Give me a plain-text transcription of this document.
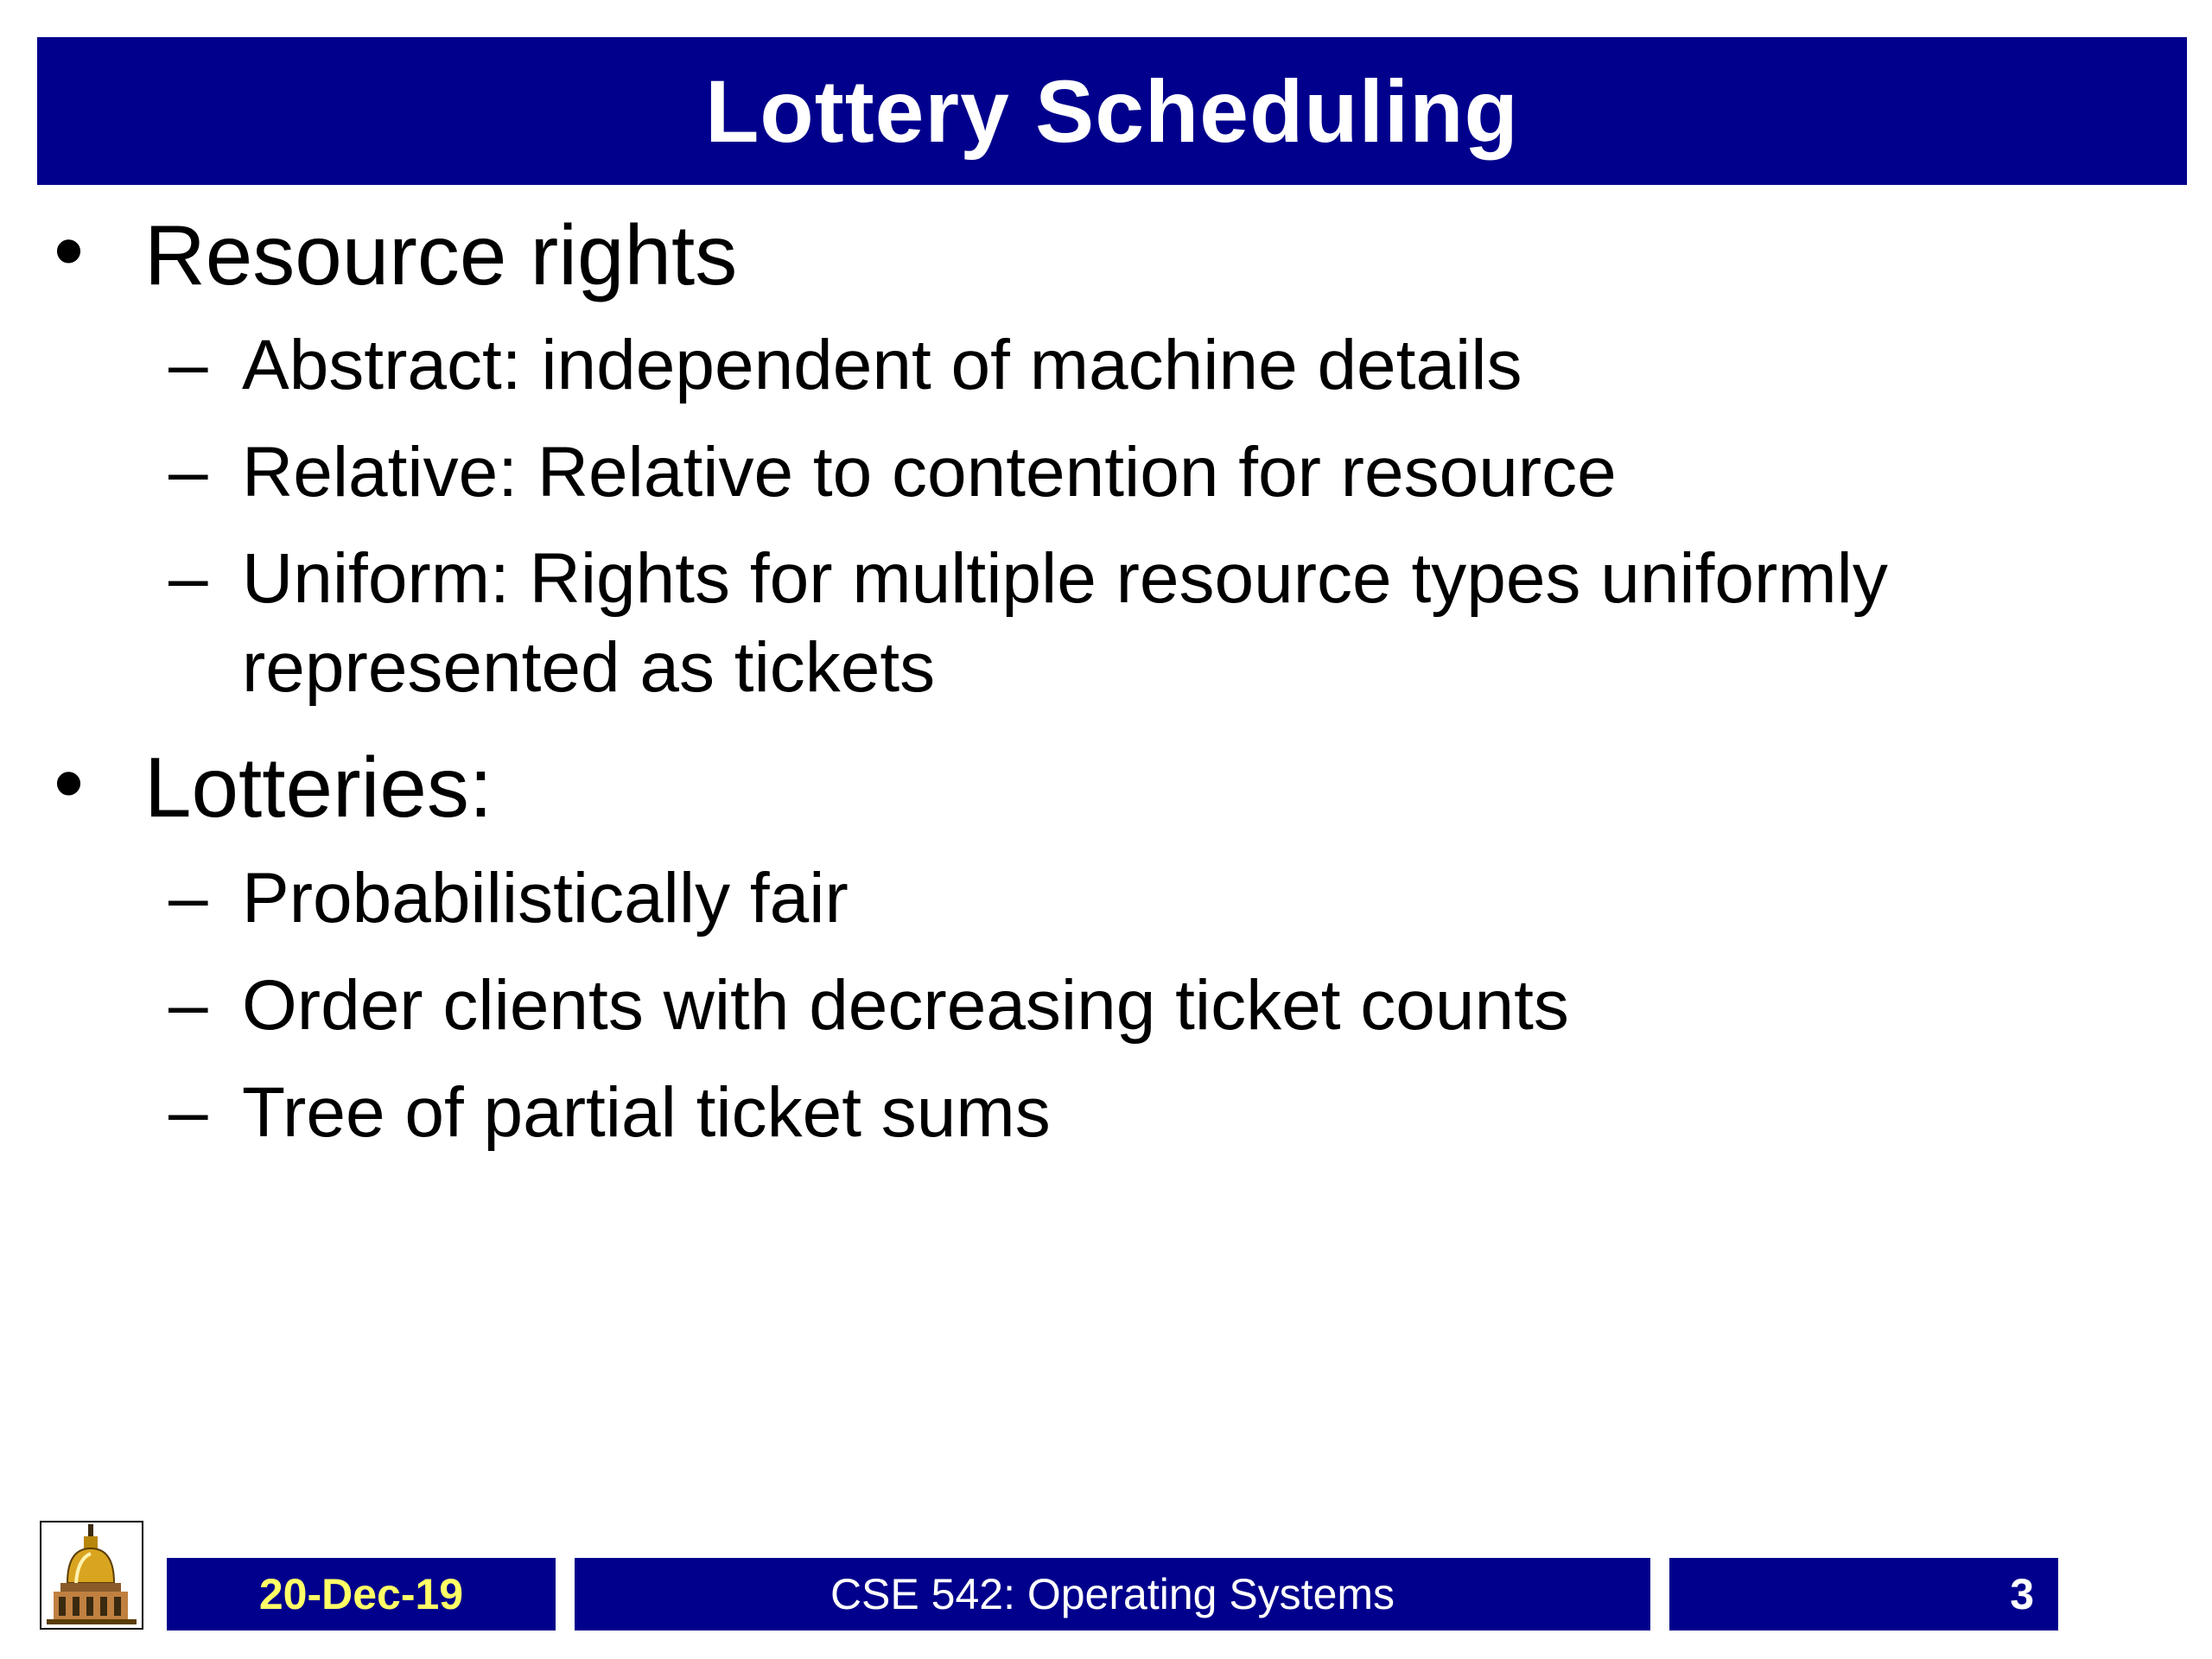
Lottery Scheduling
• Resource rights
– Abstract: independent of machine details
– Relative: Relative to contention for resource
– Uniform: Rights for multiple resource types uniformly represented as tickets
• Lotteries:
– Probabilistically fair
– Order clients with decreasing ticket counts
– Tree of partial ticket sums
20-Dec-19	CSE 542: Operating Systems	3
